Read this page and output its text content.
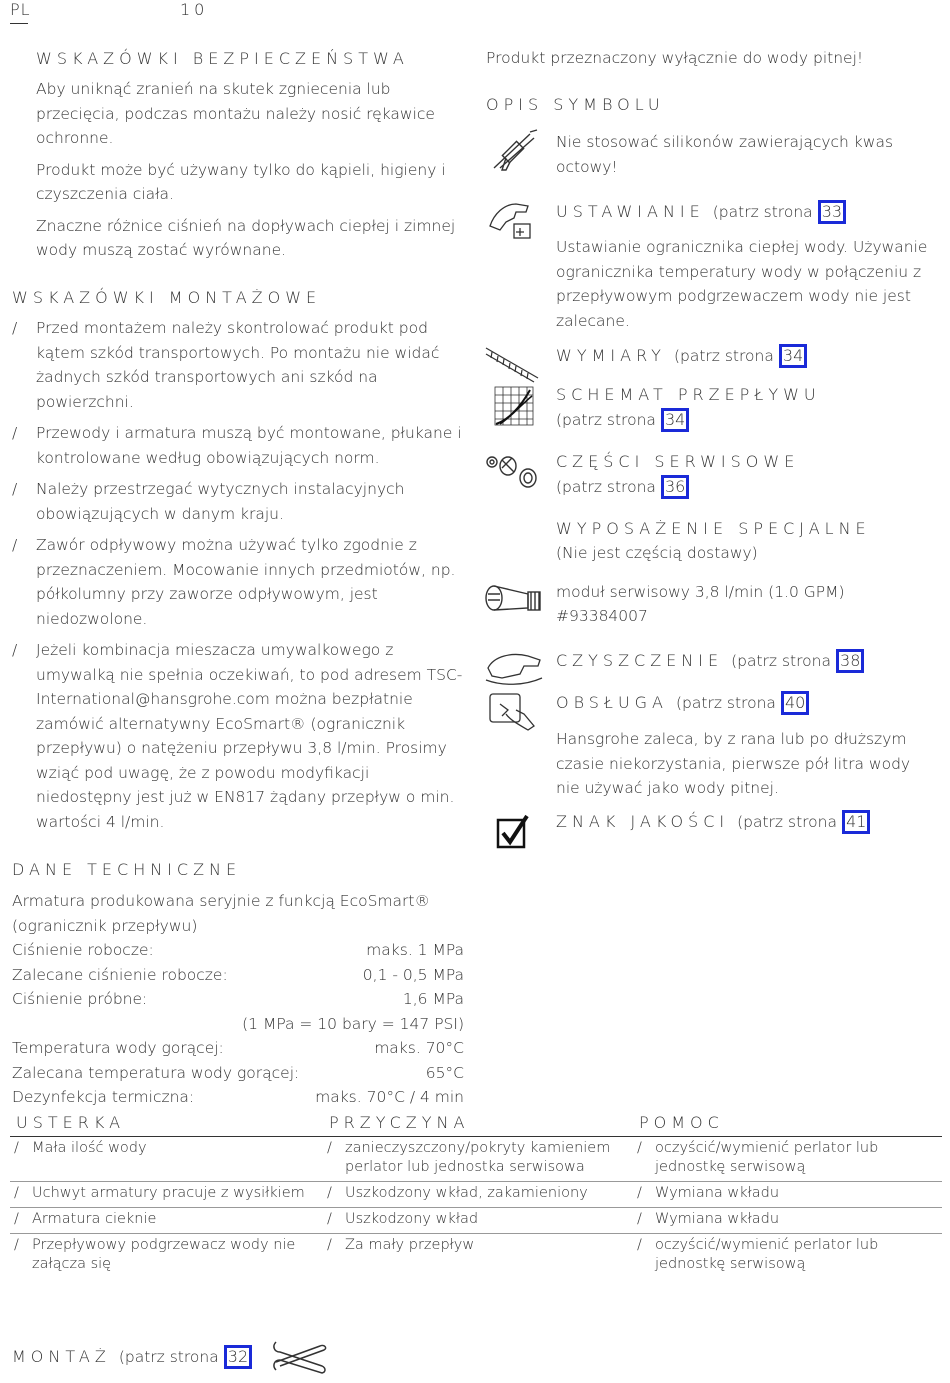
PL	10
WSKAZÓWKI BEZPIECZEŃSTWA

Aby uniknąć zranień na skutek zgniecenia lub przecięcia, podczas montażu należy nosić rękawice ochronne.

Produkt może być używany tylko do kąpieli, higieny i czyszczenia ciała.

Znaczne różnice ciśnień na dopływach ciepłej i zimnej wody muszą zostać wyrównane.

WSKAZÓWKI MONTAŻOWE
/ Przed montażem należy skontrolować produkt pod kątem szkód transportowych. Po montażu nie widać żadnych szkód transportowych ani szkód na powierzchni.
/ Przewody i armatura muszą być montowane, płukane i kontrolowane według obowiązujących norm.
/ Należy przestrzegać wytycznych instalacyjnych obowiązujących w danym kraju.
/ Zawór odpływowy można używać tylko zgodnie z przeznaczeniem. Mocowanie innych przedmiotów, np. półkolumny przy zaworze odpływowym, jest niedozwolone.
/ Jeżeli kombinacja mieszacza umywalkowego z umywalką nie spełnia oczekiwań, to pod adresem TSC-International@hansgrohe.com można bezpłatnie zamówić alternatywny EcoSmart® (ogranicznik przepływu) o natężeniu przepływu 3,8 l/min. Prosimy wziąć pod uwagę, że z powodu modyfikacji niedostępny jest już w EN817 żądany przepływ o min. wartości 4 l/min.
DANE TECHNICZNE
Armatura produkowana seryjnie z funkcją EcoSmart® (ogranicznik przepływu)
Ciśnienie robocze:	maks. 1 MPa
Zalecane ciśnienie robocze:	0,1 - 0,5 MPa
Ciśnienie próbne:	1,6 MPa
(1 MPa = 10 bary = 147 PSI)
Temperatura wody gorącej:	maks. 70°C
Zalecana temperatura wody gorącej:	65°C
Dezynfekcja termiczna:	maks. 70°C / 4 min
Produkt przeznaczony wyłącznie do wody pitnej!
OPIS SYMBOLU
Nie stosować silikonów zawierających kwas octowy!
USTAWIANIE (patrz strona 33
Ustawianie ogranicznika ciepłej wody. Używanie ogranicznika temperatury wody w połączeniu z przepływowym podgrzewaczem wody nie jest zalecane.
WYMIARY (patrz strona 34
SCHEMAT PRZEPŁYWU
(patrz strona 34
CZĘŚCI SERWISOWE
(patrz strona 36
WYPOSAŻENIE SPECJALNE
(Nie jest częścią dostawy)
moduł serwisowy 3,8 l/min (1.0 GPM)
#93384007
CZYSZCZENIE (patrz strona 38
OBSŁUGA (patrz strona 40
Hansgrohe zaleca, by z rana lub po dłuższym czasie niekorzystania, pierwsze pół litra wody nie używać jako wody pitnej.
ZNAK JAKOŚCI (patrz strona 41
USTERKA	PRZYCZYNA	POMOC
/ Mała ilość wody	/ zanieczyszczony/pokryty kamieniem perlator lub jednostka serwisowa	/ oczyścić/wymienić perlator lub jednostkę serwisową
/ Uchwyt armatury pracuje z wysiłkiem	/ Uszkodzony wkład, zakamieniony	/ Wymiana wkładu
/ Armatura cieknie	/ Uszkodzony wkład	/ Wymiana wkładu
/ Przepływowy podgrzewacz wody nie załącza się	/ Za mały przepływ	/ oczyścić/wymienić perlator lub jednostkę serwisową
MONTAŻ (patrz strona 32
